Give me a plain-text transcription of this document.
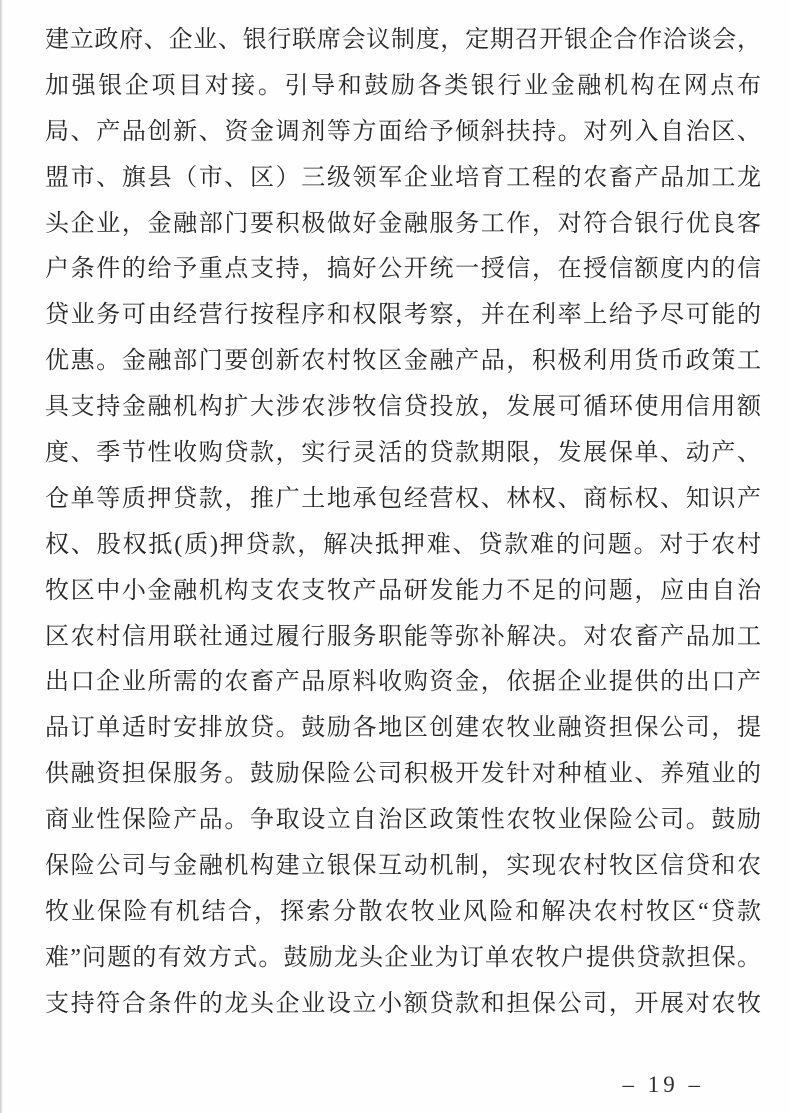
建立政府、企业、银行联席会议制度，定期召开银企合作洽谈会，
加强银企项目对接。引导和鼓励各类银行业金融机构在网点布
局、产品创新、资金调剂等方面给予倾斜扶持。对列入自治区、
盟市、旗县（市、区）三级领军企业培育工程的农畜产品加工龙
头企业，金融部门要积极做好金融服务工作，对符合银行优良客
户条件的给予重点支持，搞好公开统一授信，在授信额度内的信
贷业务可由经营行按程序和权限考察，并在利率上给予尽可能的
优惠。金融部门要创新农村牧区金融产品，积极利用货币政策工
具支持金融机构扩大涉农涉牧信贷投放，发展可循环使用信用额
度、季节性收购贷款，实行灵活的贷款期限，发展保单、动产、
仓单等质押贷款，推广土地承包经营权、林权、商标权、知识产
权、股权抵(质)押贷款，解决抵押难、贷款难的问题。对于农村
牧区中小金融机构支农支牧产品研发能力不足的问题，应由自治
区农村信用联社通过履行服务职能等弥补解决。对农畜产品加工
出口企业所需的农畜产品原料收购资金，依据企业提供的出口产
品订单适时安排放贷。鼓励各地区创建农牧业融资担保公司，提
供融资担保服务。鼓励保险公司积极开发针对种植业、养殖业的
商业性保险产品。争取设立自治区政策性农牧业保险公司。鼓励
保险公司与金融机构建立银保互动机制，实现农村牧区信贷和农
牧业保险有机结合，探索分散农牧业风险和解决农村牧区“贷款
难”问题的有效方式。鼓励龙头企业为订单农牧户提供贷款担保。
支持符合条件的龙头企业设立小额贷款和担保公司，开展对农牧
– 19 –
